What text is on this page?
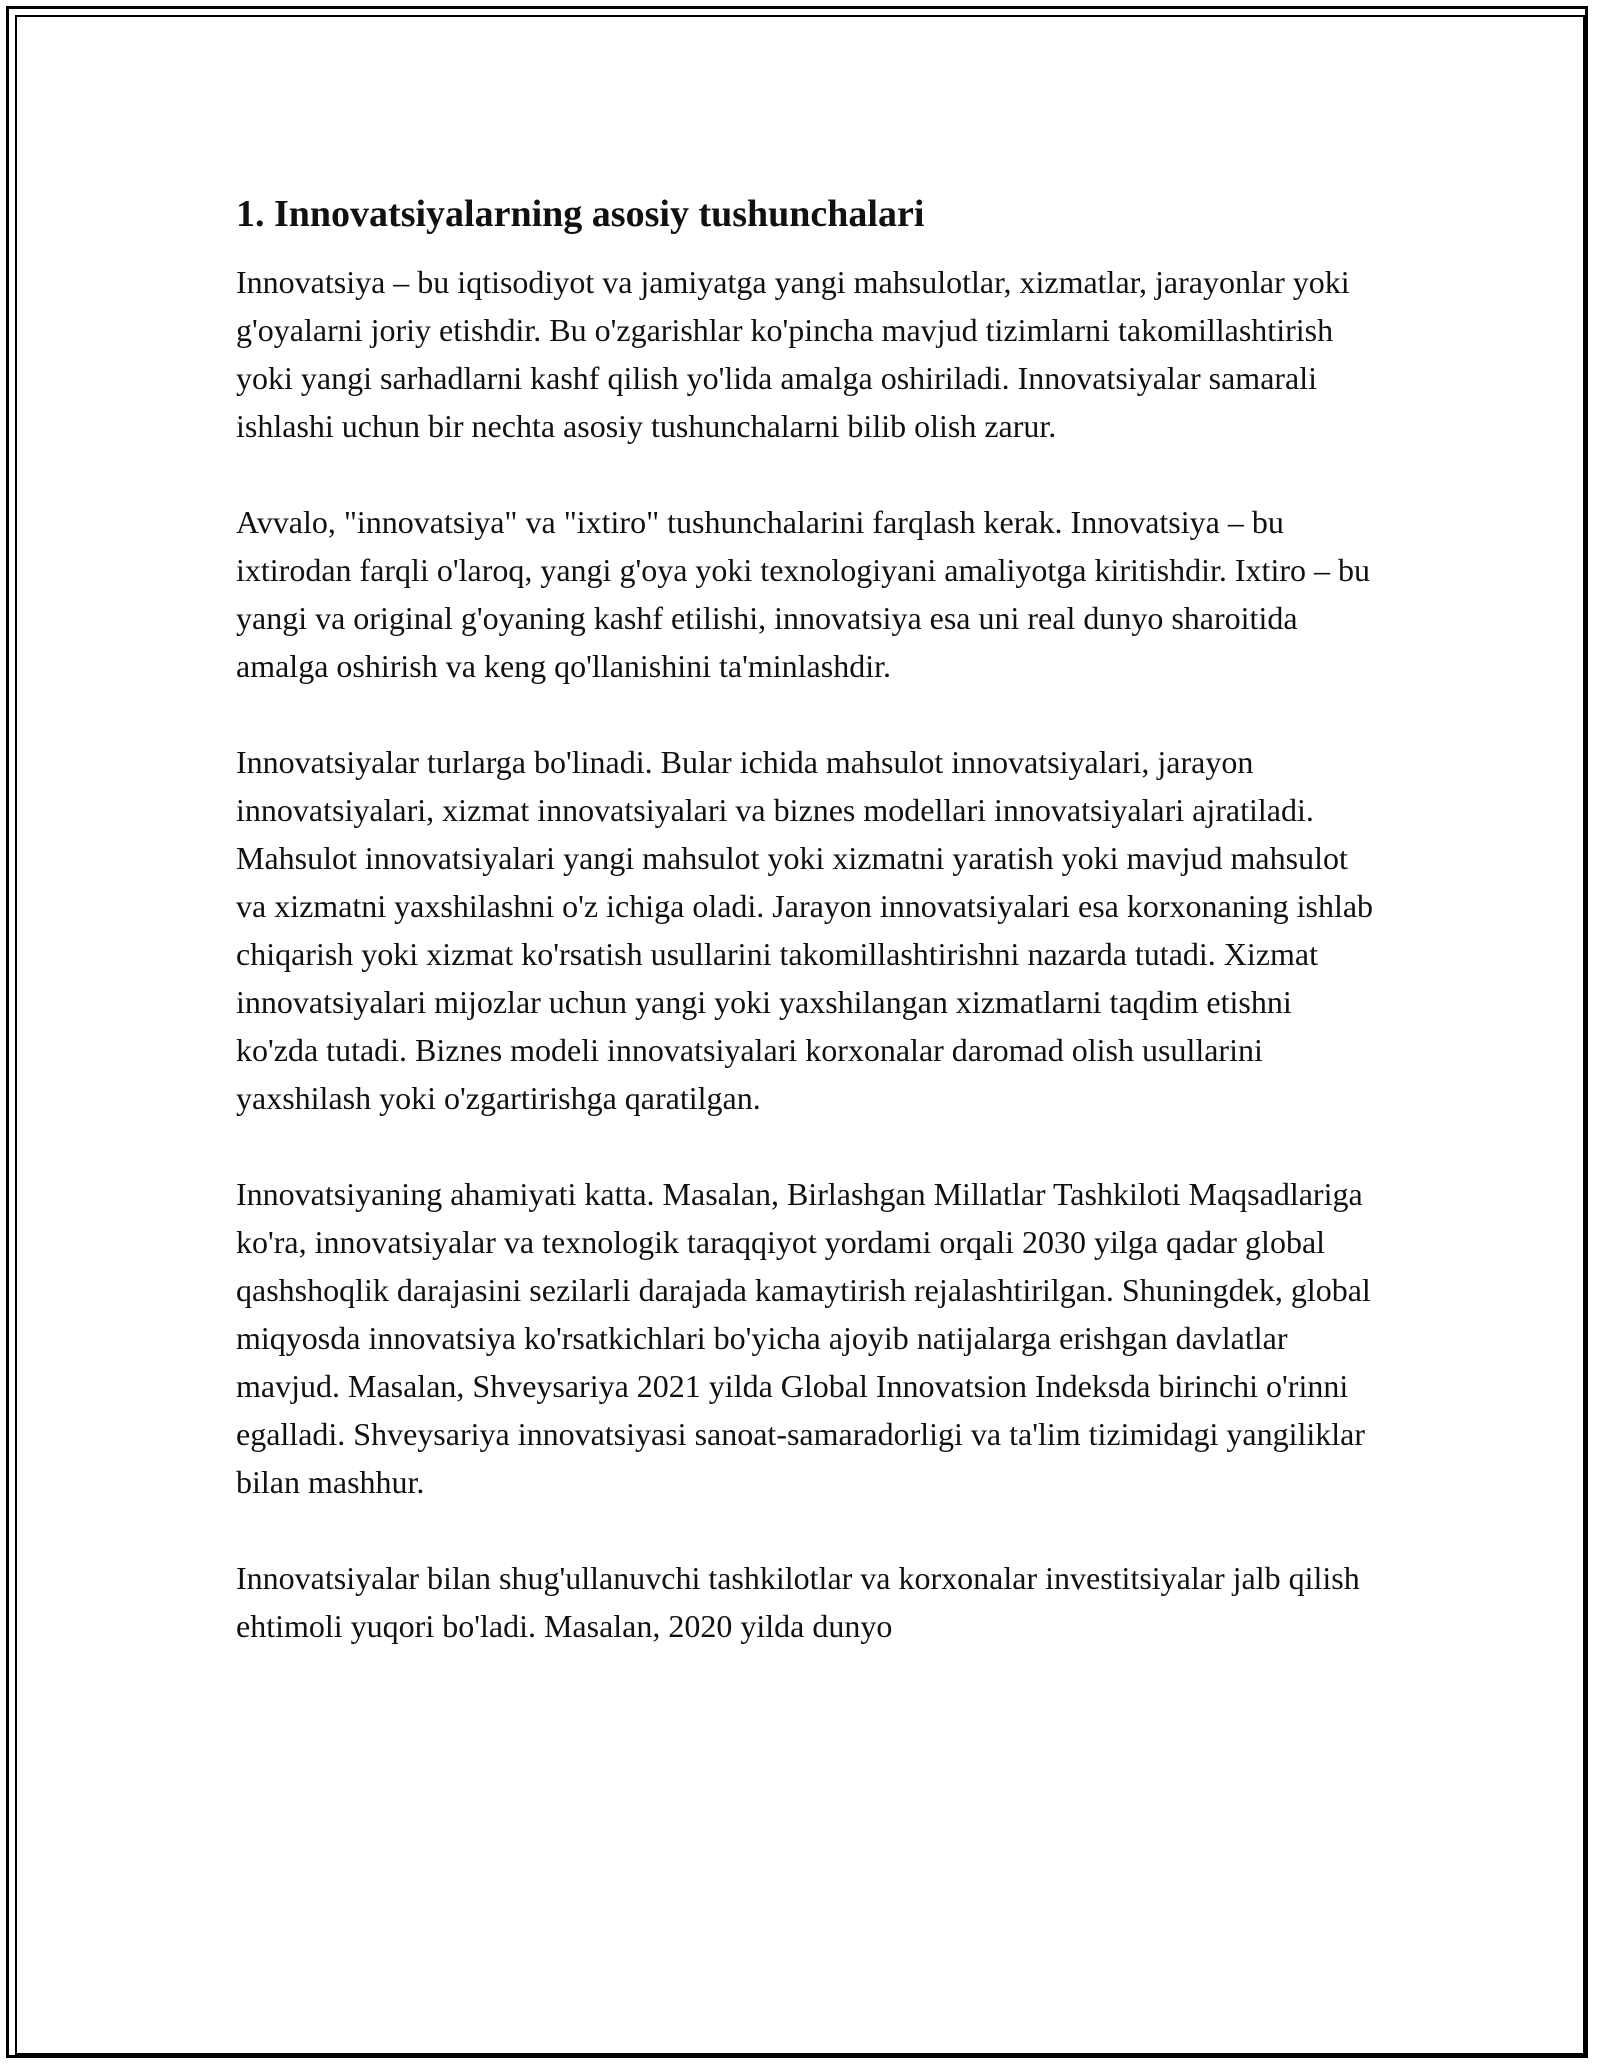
1. Innovatsiyalarning asosiy tushunchalari

Innovatsiya – bu iqtisodiyot va jamiyatga yangi mahsulotlar, xizmatlar, jarayonlar yoki g'oyalarni joriy etishdir. Bu o'zgarishlar ko'pincha mavjud tizimlarni takomillashtirish yoki yangi sarhadlarni kashf qilish yo'lida amalga oshiriladi. Innovatsiyalar samarali ishlashi uchun bir nechta asosiy tushunchalarni bilib olish zarur.

Avvalo, "innovatsiya" va "ixtiro" tushunchalarini farqlash kerak. Innovatsiya – bu ixtirodan farqli o'laroq, yangi g'oya yoki texnologiyani amaliyotga kiritishdir. Ixtiro – bu yangi va original g'oyaning kashf etilishi, innovatsiya esa uni real dunyo sharoitida amalga oshirish va keng qo'llanishini ta'minlashdir.

Innovatsiyalar turlarga bo'linadi. Bular ichida mahsulot innovatsiyalari, jarayon innovatsiyalari, xizmat innovatsiyalari va biznes modellari innovatsiyalari ajratiladi. Mahsulot innovatsiyalari yangi mahsulot yoki xizmatni yaratish yoki mavjud mahsulot va xizmatni yaxshilashni o'z ichiga oladi. Jarayon innovatsiyalari esa korxonaning ishlab chiqarish yoki xizmat ko'rsatish usullarini takomillashtirishni nazarda tutadi. Xizmat innovatsiyalari mijozlar uchun yangi yoki yaxshilangan xizmatlarni taqdim etishni ko'zda tutadi. Biznes modeli innovatsiyalari korxonalar daromad olish usullarini yaxshilash yoki o'zgartirishga qaratilgan.

Innovatsiyaning ahamiyati katta. Masalan, Birlashgan Millatlar Tashkiloti Maqsadlariga ko'ra, innovatsiyalar va texnologik taraqqiyot yordami orqali 2030 yilga qadar global qashshoqlik darajasini sezilarli darajada kamaytirish rejalashtirilgan. Shuningdek, global miqyosda innovatsiya ko'rsatkichlari bo'yicha ajoyib natijalarga erishgan davlatlar mavjud. Masalan, Shveysariya 2021 yilda Global Innovatsion Indeksda birinchi o'rinni egalladi. Shveysariya innovatsiyasi sanoat-samaradorligi va ta'lim tizimidagi yangiliklar bilan mashhur.

Innovatsiyalar bilan shug'ullanuvchi tashkilotlar va korxonalar investitsiyalar jalb qilish ehtimoli yuqori bo'ladi. Masalan, 2020 yilda dunyo
